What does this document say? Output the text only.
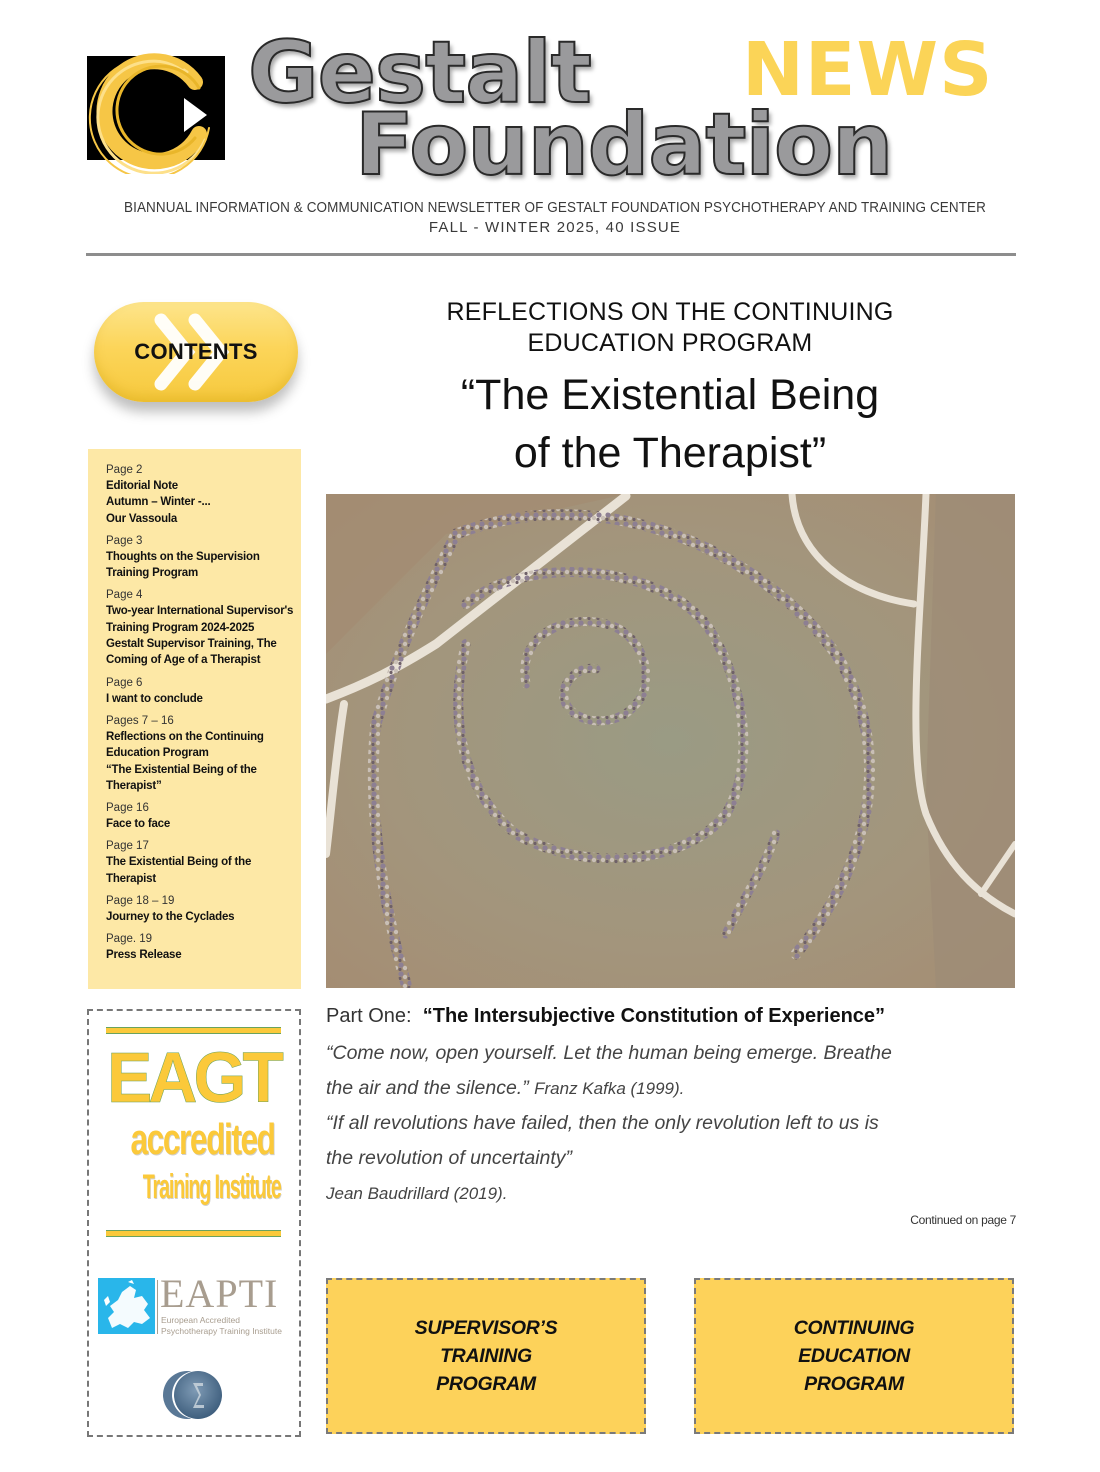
Gestalt
Foundation
NEWS
BIANNUAL INFORMATION & COMMUNICATION NEWSLETTER OF GESTALT FOUNDATION PSYCHOTHERAPY AND TRAINING CENTER
FALL - WINTER 2025, 40 ISSUE
CONTENTS
Page 2
Editorial Note
Autumn – Winter -...
Our Vassoula
Page 3
Thoughts on the Supervision Training Program
Page 4
Two-year International Supervisor's Training Program 2024-2025
Gestalt Supervisor Training, The Coming of Age of a Therapist
Page 6
I want to conclude
Pages 7 – 16
Reflections on the Continuing Education Program
“The Existential Being of the Therapist”
Page 16
Face to face
Page 17
The Existential Being of the Therapist
Page 18 – 19
Journey to the Cyclades
Page. 19
Press Release
EAGT
accredited
Training Institute
EAPTI
European Accredited
Psychotherapy Training Institute
REFLECTIONS ON THE CONTINUING
EDUCATION PROGRAM
“The Existential Being
of the Therapist”
Part One: “The Intersubjective Constitution of Experience”
“Come now, open yourself. Let the human being emerge. Breathe
the air and the silence.” Franz Kafka (1999).
“If all revolutions have failed, then the only revolution left to us is
the revolution of uncertainty”
Jean Baudrillard (2019).
Continued on page 7
SUPERVISOR’S
TRAINING
PROGRAM
CONTINUING
EDUCATION
PROGRAM
